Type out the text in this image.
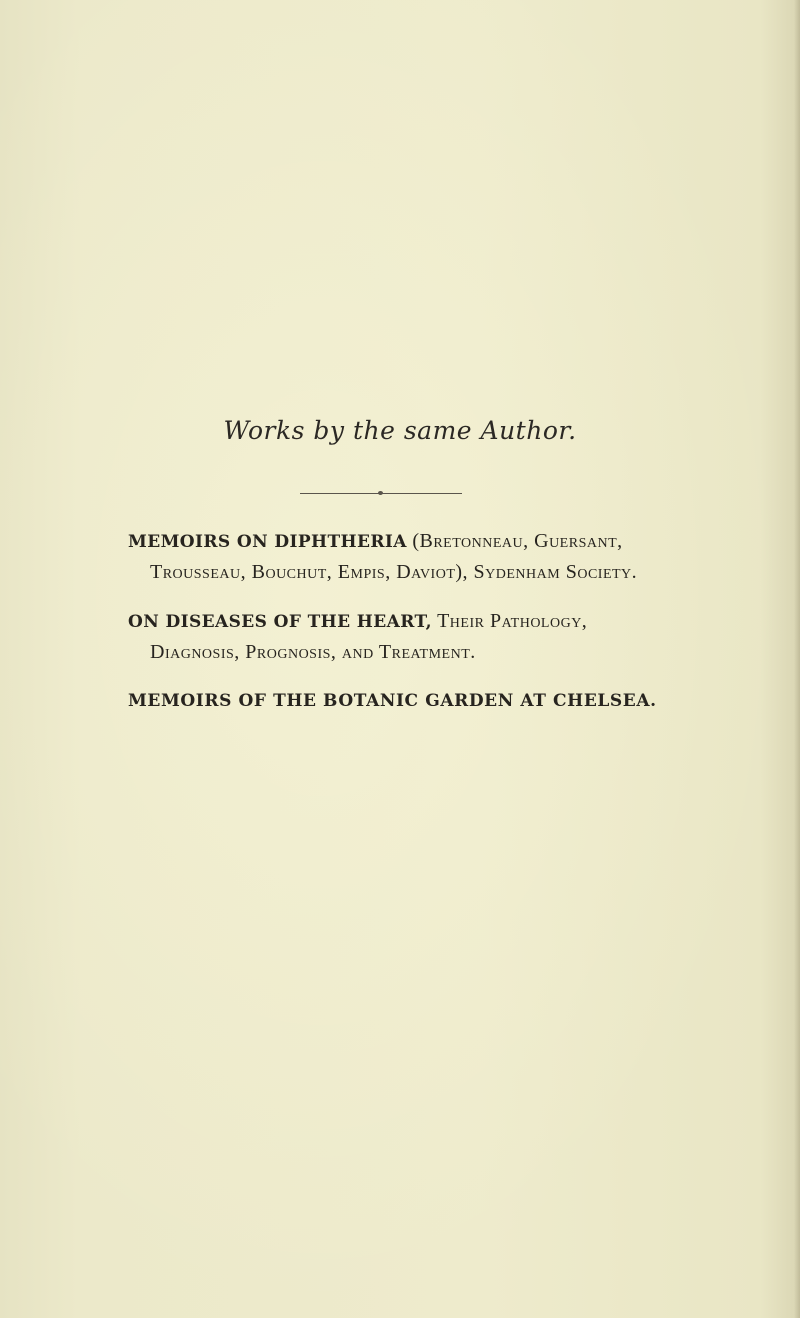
Works by the same Author.
MEMOIRS ON DIPHTHERIA (Bretonneau, Guersant,
Trousseau, Bouchut, Empis, Daviot), Sydenham Society.
ON DISEASES OF THE HEART, Their Pathology,
Diagnosis, Prognosis, and Treatment.
MEMOIRS OF THE BOTANIC GARDEN AT CHELSEA.
